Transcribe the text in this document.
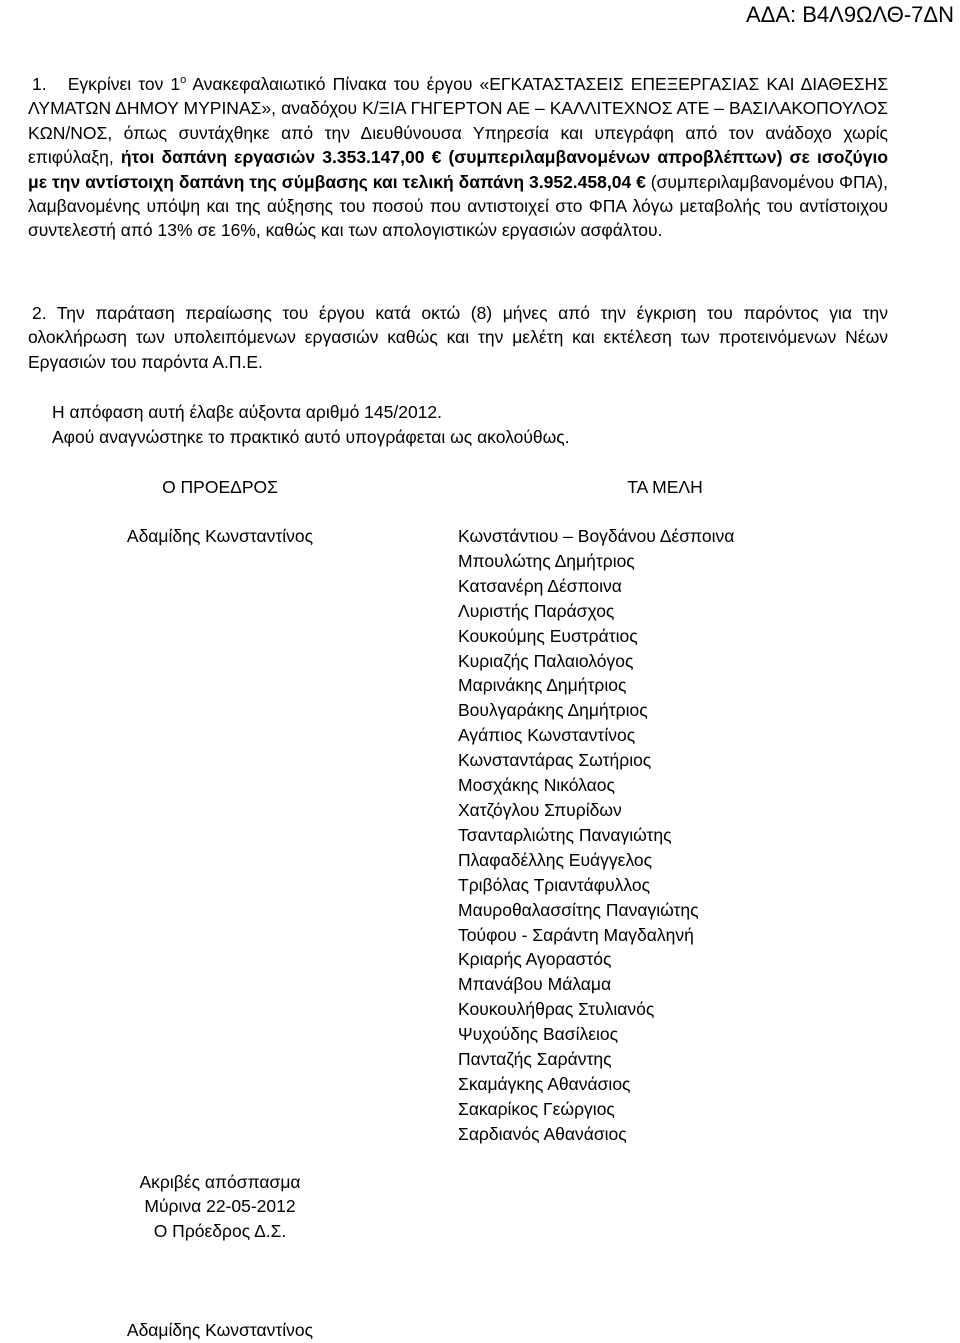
ΑΔΑ: Β4Λ9ΩΛΘ-7ΔΝ
1. Εγκρίνει τον $1^o$ Ανακεφαλαιωτικό Πίνακα του έργου «ΕΓΚΑΤΑΣΤΑΣΕΙΣ ΕΠΕΞΕΡΓΑΣΙΑΣ ΚΑΙ ΔΙΑΘΕΣΗΣ ΛΥΜΑΤΩΝ ΔΗΜΟΥ ΜΥΡΙΝΑΣ», αναδόχου Κ/ΞΙΑ ΓΗΓΕΡΤΟΝ ΑΕ – ΚΑΛΛΙΤΕΧΝΟΣ ΑΤΕ – ΒΑΣΙΛΑΚΟΠΟΥΛΟΣ ΚΩΝ/ΝΟΣ, όπως συντάχθηκε από την Διευθύνουσα Υπηρεσία και υπεγράφη από τον ανάδοχο χωρίς επιφύλαξη, ήτοι δαπάνη εργασιών 3.353.147,00 € (συμπεριλαμβανομένων απροβλέπτων) σε ισοζύγιο με την αντίστοιχη δαπάνη της σύμβασης και τελική δαπάνη 3.952.458,04 € (συμπεριλαμβανομένου ΦΠΑ), λαμβανομένης υπόψη και της αύξησης του ποσού που αντιστοιχεί στο ΦΠΑ λόγω μεταβολής του αντίστοιχου συντελεστή από 13% σε 16%, καθώς και των απολογιστικών εργασιών ασφάλτου.
2. Την παράταση περαίωσης του έργου κατά οκτώ (8) μήνες από την έγκριση του παρόντος για την ολοκλήρωση των υπολειπόμενων εργασιών καθώς και την μελέτη και εκτέλεση των προτεινόμενων Νέων Εργασιών του παρόντα Α.Π.Ε.
Η απόφαση αυτή έλαβε αύξοντα αριθμό 145/2012.
Αφού αναγνώστηκε το πρακτικό αυτό υπογράφεται ως ακολούθως.
Ο ΠΡΟΕΔΡΟΣ
Αδαμίδης Κωνσταντίνος
ΤΑ ΜΕΛΗ
Κωνστάντιου – Βογδάνου Δέσποινα
Μπουλώτης Δημήτριος
Κατσανέρη Δέσποινα
Λυριστής Παράσχος
Κουκούμης Ευστράτιος
Κυριαζής Παλαιολόγος
Μαρινάκης Δημήτριος
Βουλγαράκης Δημήτριος
Αγάπιος Κωνσταντίνος
Κωνσταντάρας Σωτήριος
Μοσχάκης Νικόλαος
Χατζόγλου Σπυρίδων
Τσανταρλιώτης Παναγιώτης
Πλαφαδέλλης Ευάγγελος
Τριβόλας Τριαντάφυλλος
Μαυροθαλασσίτης Παναγιώτης
Τούφου - Σαράντη Μαγδαληνή
Κριαρής Αγοραστός
Μπανάβου Μάλαμα
Κουκουλήθρας Στυλιανός
Ψυχούδης Βασίλειος
Πανταζής Σαράντης
Σκαμάγκης Αθανάσιος
Σακαρίκος Γεώργιος
Σαρδιανός Αθανάσιος
Ακριβές απόσπασμα
Μύρινα 22-05-2012
Ο Πρόεδρος Δ.Σ.
Αδαμίδης Κωνσταντίνος
